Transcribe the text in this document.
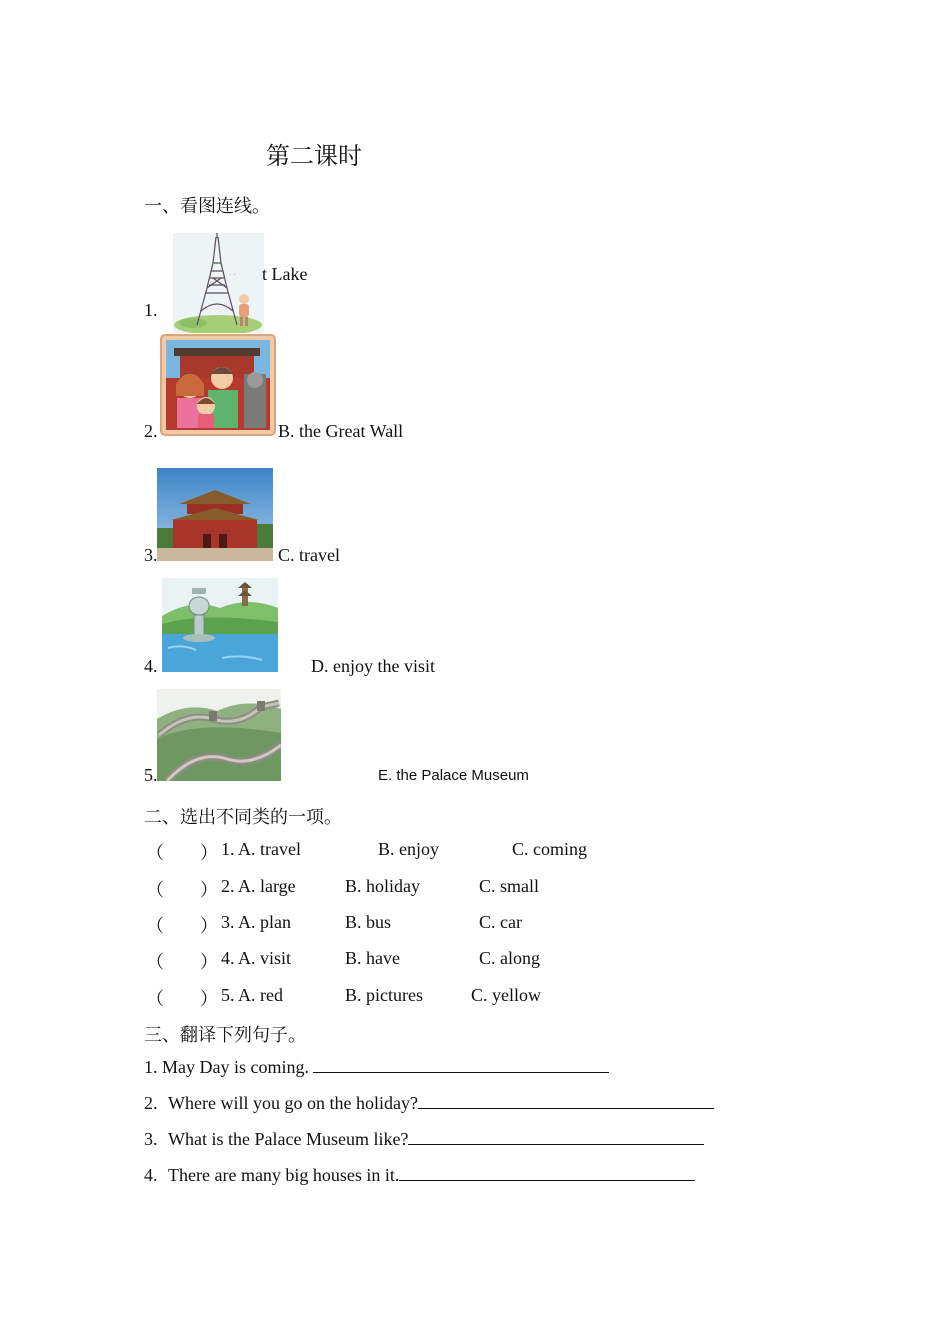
第二课时
一、看图连线。
· ·
1.
t Lake
2.	B. the Great Wall
3.	C. travel
4.	D. enjoy the visit
5.	E. the Palace Museum
二、选出不同类的一项。
（　　） 1. A. travel	B. enjoy	C. coming
（　　） 2. A. large	B. holiday	C. small
（　　） 3. A. plan	B. bus	C. car
（　　） 4. A. visit	B. have	C. along
（　　） 5. A. red	B. pictures	C. yellow
三、翻译下列句子。
1. May Day is coming.
2. Where will you go on the holiday?
3. What is the Palace Museum like?
4. There are many big houses in it.
